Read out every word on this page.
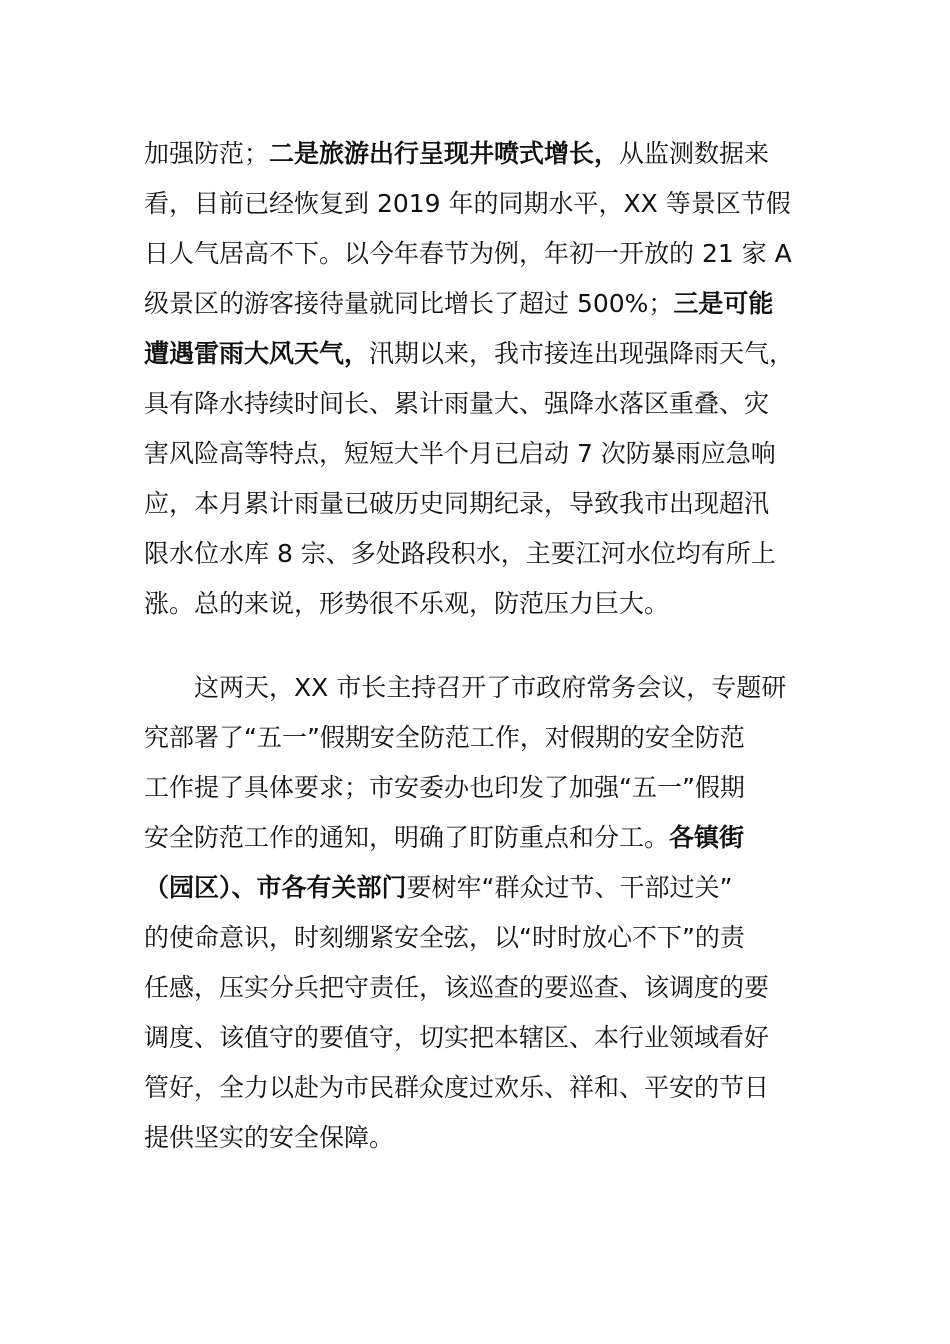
加强防范；二是旅游出行呈现井喷式增长，从监测数据来
看，目前已经恢复到 2019 年的同期水平，XX 等景区节假
日人气居高不下。以今年春节为例，年初一开放的 21 家 A
级景区的游客接待量就同比增长了超过 500%；三是可能
遭遇雷雨大风天气，汛期以来，我市接连出现强降雨天气，
具有降水持续时间长、累计雨量大、强降水落区重叠、灾
害风险高等特点，短短大半个月已启动 7 次防暴雨应急响
应，本月累计雨量已破历史同期纪录，导致我市出现超汛
限水位水库 8 宗、多处路段积水，主要江河水位均有所上
涨。总的来说，形势很不乐观，防范压力巨大。
这两天，XX 市长主持召开了市政府常务会议，专题研
究部署了“五一”假期安全防范工作，对假期的安全防范
工作提了具体要求；市安委办也印发了加强“五一”假期
安全防范工作的通知，明确了盯防重点和分工。各镇街
（园区）、市各有关部门要树牢“群众过节、干部过关”
的使命意识，时刻绷紧安全弦，以“时时放心不下”的责
任感，压实分兵把守责任，该巡查的要巡查、该调度的要
调度、该值守的要值守，切实把本辖区、本行业领域看好
管好，全力以赴为市民群众度过欢乐、祥和、平安的节日
提供坚实的安全保障。
